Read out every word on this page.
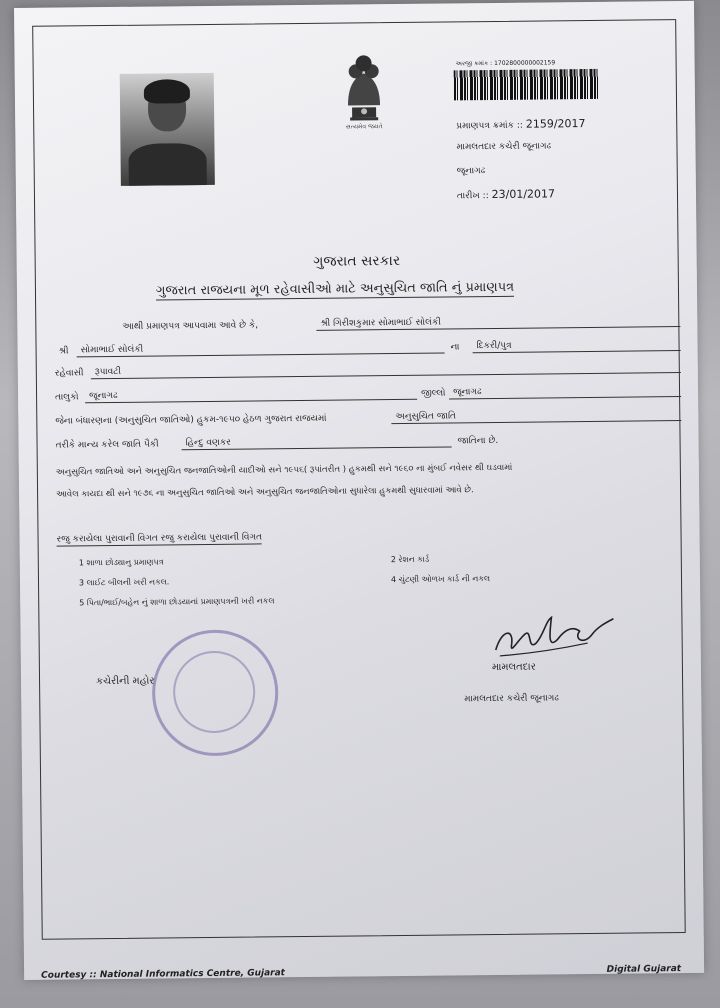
સત્યમેવ જયતે
અરજી ક્રમાંક : 1702800000002159
પ્રમાણપત્ર ક્રમાંક :: 2159/2017
મામલતદાર કચેરી જૂનાગઢ
જૂનાગઢ
તારીખ :: 23/01/2017
ગુજરાત સરકાર
ગુજરાત રાજયના મૂળ રહેવાસીઓ માટે અનુસુચિત જાતિ નું પ્રમાણપત્ર
આથી પ્રમાણપત્ર આપવામા આવે છે કે,	શ્રી ગિરીશકુમાર સોમાભાઈ સોલંકી
શ્રી	સોમાભાઈ સોલંકી	ના	દિકરી/પુત્ર
રહેવાસી	રૂપાવટી
તાલુકો	જૂનાગઢ	જીલ્લો જૂનાગઢ
જેના બંધારણના (અનુસુચિત જાતિઓ) હુકમ-૧૯૫૦ હેઠળ ગુજરાત રાજયમાં	અનુસુચિત જાતિ
તરીકે માન્ય કરેલ જાતિ પૈકી	હિન્દુ વણકર	જાતિના છે.
અનુસુચિત જાતિઓ અને અનુસુચિત જનજાતિઓની યાદીઓ સને ૧૯૫૬( રૂપાંતરીત ) હુકમથી સને ૧૯૬૦ ના મુંબઈ નવેસર થી ઘડવામાં
આવેલ કાયદા થી સને ૧૯૭૬ ના અનુસુચિત જાતિઓ અને અનુસુચિત જનજાતિઓના સુધારેલા હુકમથી સુધારવામાં આવે છે.
રજુ કરાયેલા પુરાવાની વિગત રજુ કરાયેલા પુરાવાની વિગત
1 શાળા છોડ્યાનુ પ્રમાણપત્ર	2 રેશન કાર્ડ
3 લાઈટ બીલની ખરી નકલ.	4 ચુંટણી ઓળખ કાર્ડ ની નકલ
5 પિતા/ભાઈ/બહેન નું શાળા છોડયાનાં પ્રમાણપત્રની ખરી નકલ
કચેરીની મહોર
મામલતદાર
મામલતદાર કચેરી જૂનાગઢ
Courtesy :: National Informatics Centre, Gujarat	Digital Gujarat
